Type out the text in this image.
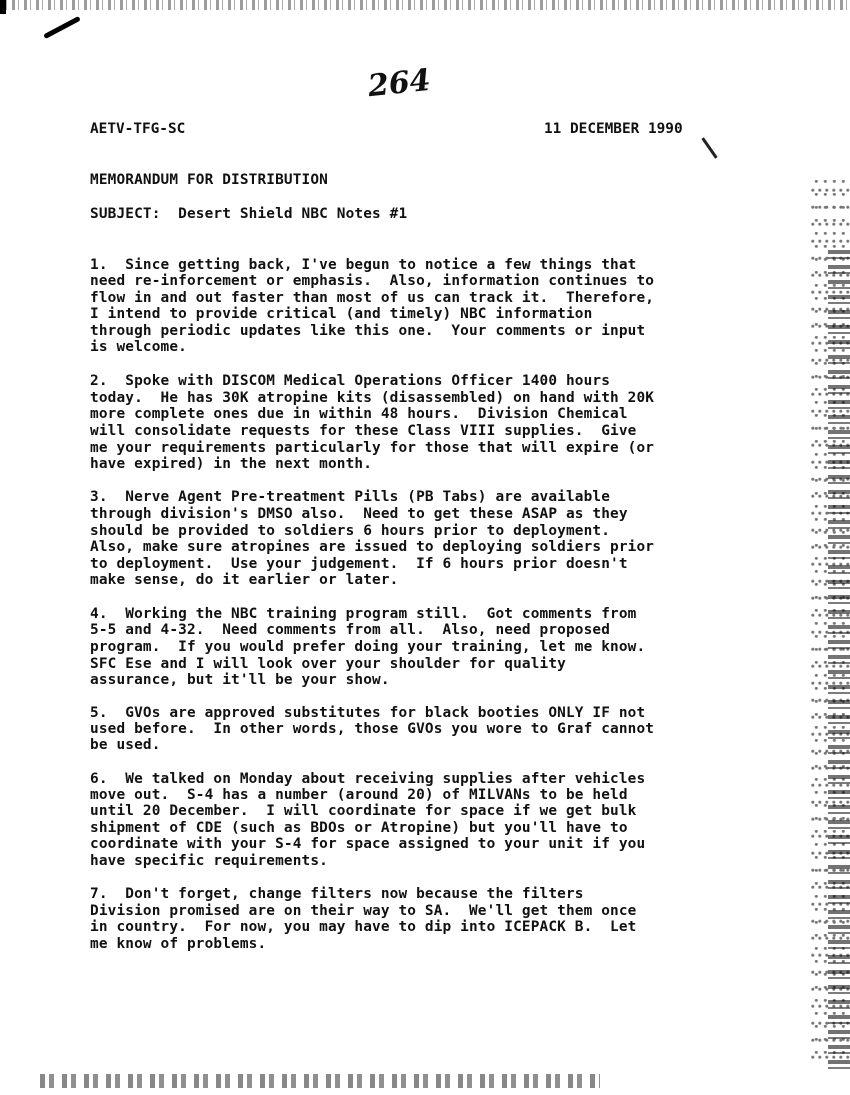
264
AETV-TFG-SC	11 DECEMBER 1990
MEMORANDUM FOR DISTRIBUTION
SUBJECT:  Desert Shield NBC Notes #1
1.  Since getting back, I've begun to notice a few things that
need re-inforcement or emphasis.  Also, information continues to
flow in and out faster than most of us can track it.  Therefore,
I intend to provide critical (and timely) NBC information
through periodic updates like this one.  Your comments or input
is welcome.
2.  Spoke with DISCOM Medical Operations Officer 1400 hours
today.  He has 30K atropine kits (disassembled) on hand with 20K
more complete ones due in within 48 hours.  Division Chemical
will consolidate requests for these Class VIII supplies.  Give
me your requirements particularly for those that will expire (or
have expired) in the next month.
3.  Nerve Agent Pre-treatment Pills (PB Tabs) are available
through division's DMSO also.  Need to get these ASAP as they
should be provided to soldiers 6 hours prior to deployment.
Also, make sure atropines are issued to deploying soldiers prior
to deployment.  Use your judgement.  If 6 hours prior doesn't
make sense, do it earlier or later.
4.  Working the NBC training program still.  Got comments from
5-5 and 4-32.  Need comments from all.  Also, need proposed
program.  If you would prefer doing your training, let me know.
SFC Ese and I will look over your shoulder for quality
assurance, but it'll be your show.
5.  GVOs are approved substitutes for black booties ONLY IF not
used before.  In other words, those GVOs you wore to Graf cannot
be used.
6.  We talked on Monday about receiving supplies after vehicles
move out.  S-4 has a number (around 20) of MILVANs to be held
until 20 December.  I will coordinate for space if we get bulk
shipment of CDE (such as BDOs or Atropine) but you'll have to
coordinate with your S-4 for space assigned to your unit if you
have specific requirements.
7.  Don't forget, change filters now because the filters
Division promised are on their way to SA.  We'll get them once
in country.  For now, you may have to dip into ICEPACK B.  Let
me know of problems.
